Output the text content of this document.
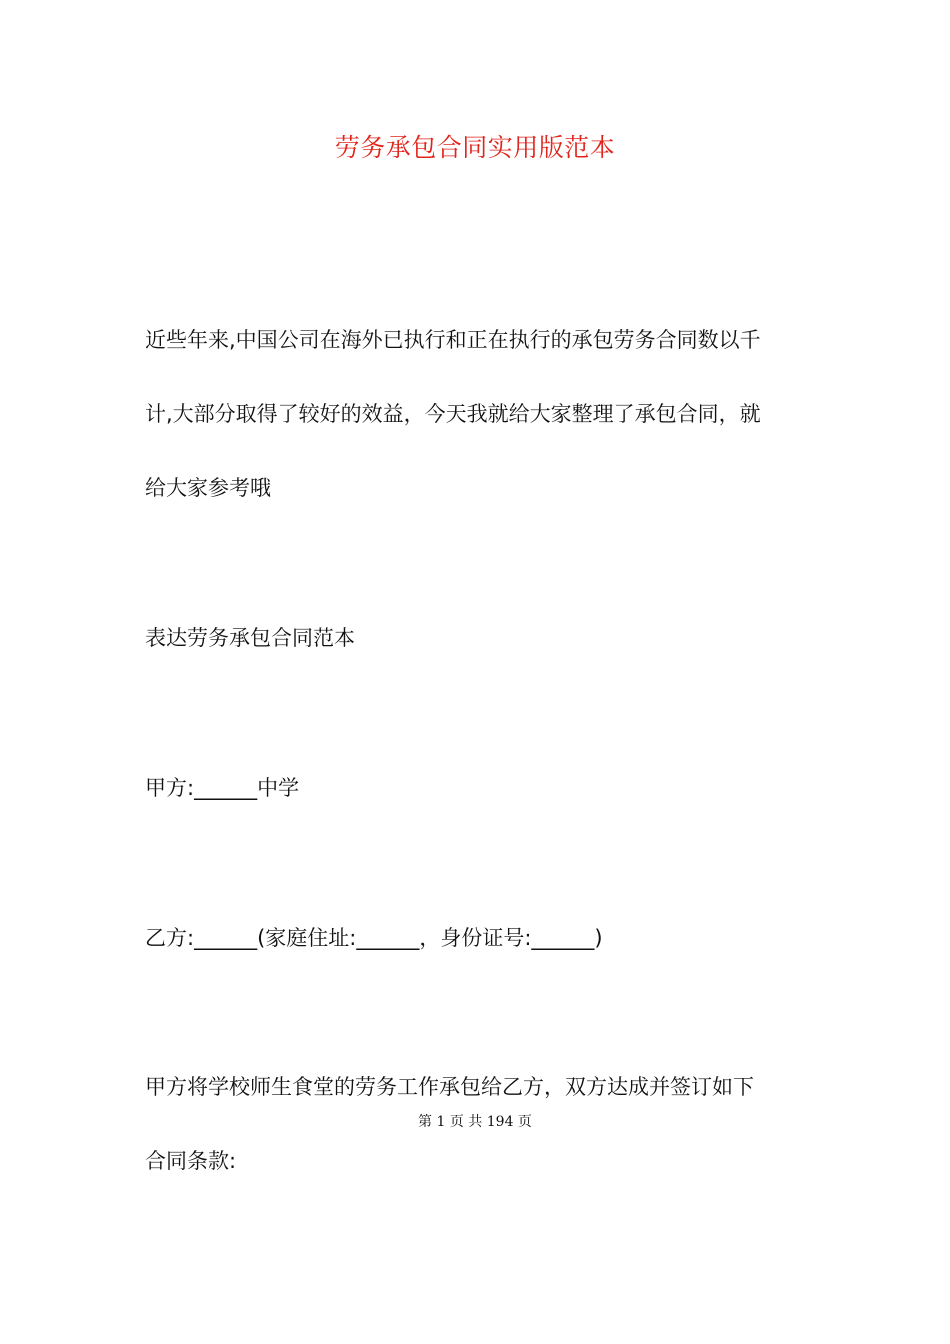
劳务承包合同实用版范本
近些年来,中国公司在海外已执行和正在执行的承包劳务合同数以千
计,大部分取得了较好的效益，今天我就给大家整理了承包合同，就
给大家参考哦
表达劳务承包合同范本
甲方:______中学
乙方:______(家庭住址:______，身份证号:______)
甲方将学校师生食堂的劳务工作承包给乙方，双方达成并签订如下
第 1 页 共 194 页
合同条款:
